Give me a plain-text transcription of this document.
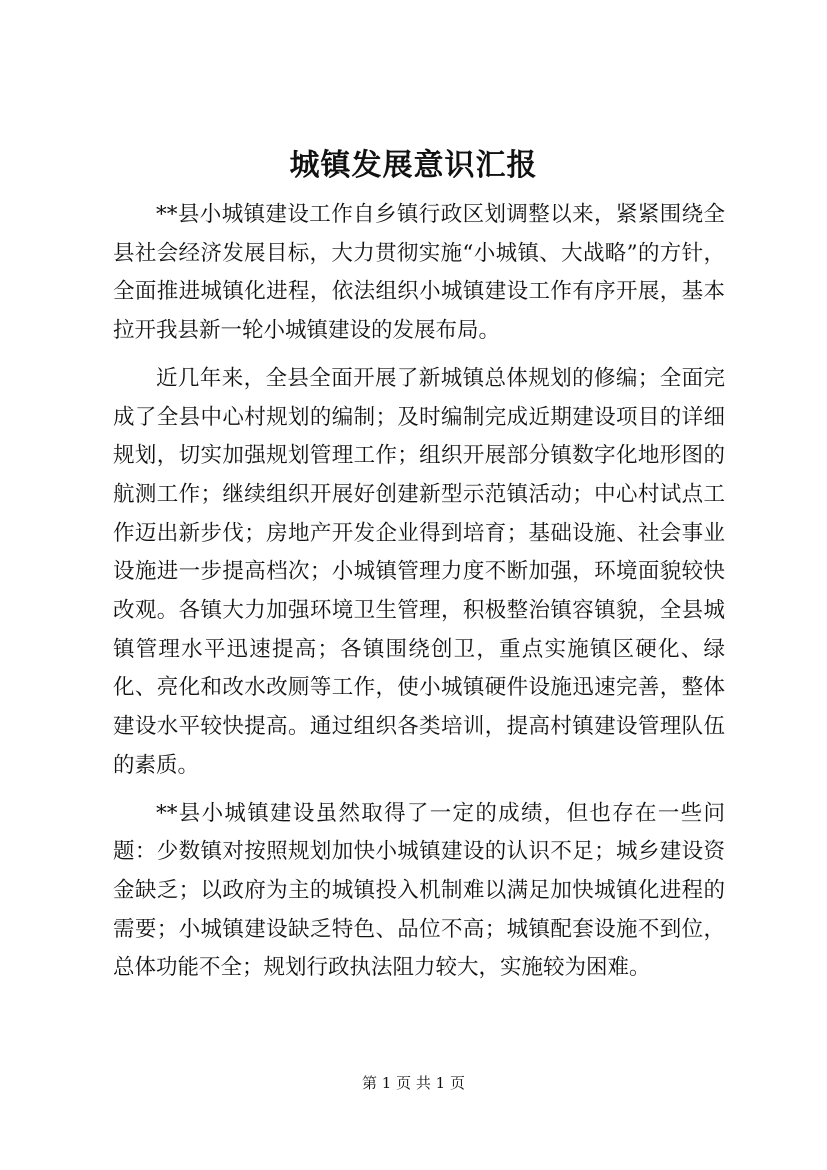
城镇发展意识汇报

**县小城镇建设工作自乡镇行政区划调整以来，紧紧围绕全县社会经济发展目标，大力贯彻实施“小城镇、大战略”的方针，全面推进城镇化进程，依法组织小城镇建设工作有序开展，基本拉开我县新一轮小城镇建设的发展布局。

近几年来，全县全面开展了新城镇总体规划的修编；全面完成了全县中心村规划的编制；及时编制完成近期建设项目的详细规划，切实加强规划管理工作；组织开展部分镇数字化地形图的航测工作；继续组织开展好创建新型示范镇活动；中心村试点工作迈出新步伐；房地产开发企业得到培育；基础设施、社会事业设施进一步提高档次；小城镇管理力度不断加强，环境面貌较快改观。各镇大力加强环境卫生管理，积极整治镇容镇貌，全县城镇管理水平迅速提高；各镇围绕创卫，重点实施镇区硬化、绿化、亮化和改水改厕等工作，使小城镇硬件设施迅速完善，整体建设水平较快提高。通过组织各类培训，提高村镇建设管理队伍的素质。

**县小城镇建设虽然取得了一定的成绩，但也存在一些问题：少数镇对按照规划加快小城镇建设的认识不足；城乡建设资金缺乏；以政府为主的城镇投入机制难以满足加快城镇化进程的需要；小城镇建设缺乏特色、品位不高；城镇配套设施不到位，总体功能不全；规划行政执法阻力较大，实施较为困难。

第 1 页 共 1 页
